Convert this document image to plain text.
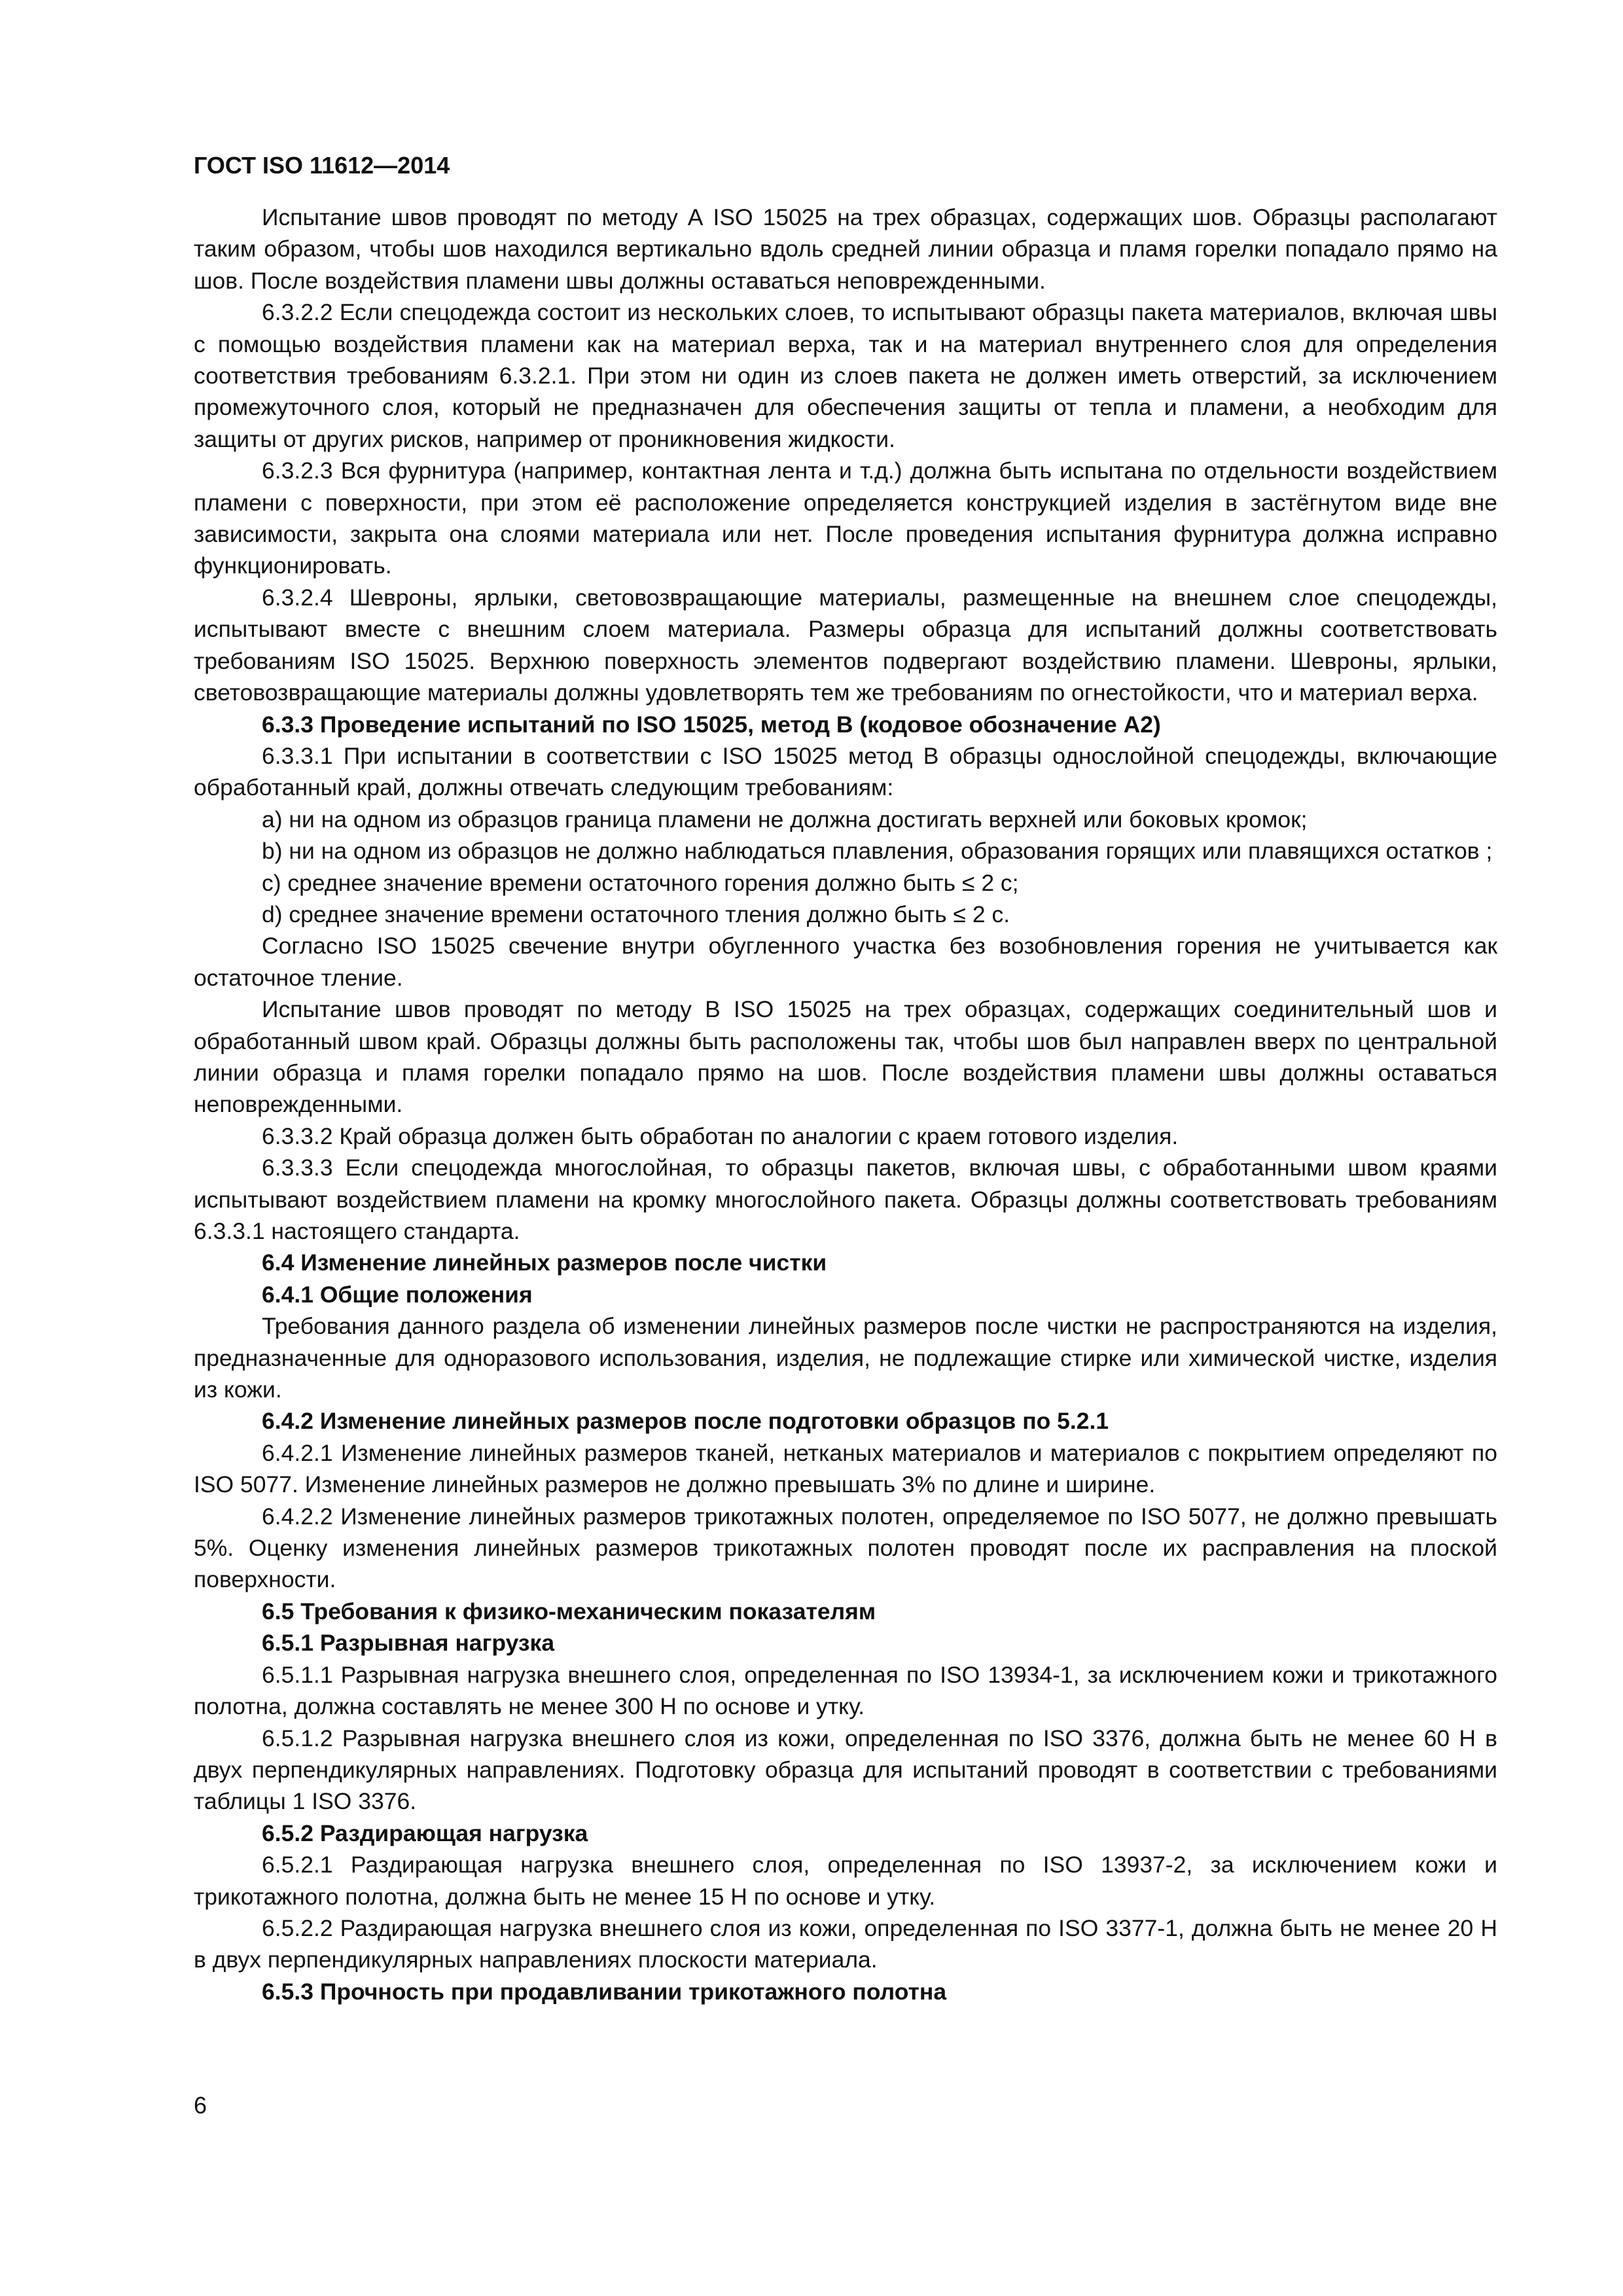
ГОСТ ISO 11612—2014

Испытание швов проводят по методу А ISO 15025 на трех образцах, содержащих шов. Образцы располагают таким образом, чтобы шов находился вертикально вдоль средней линии образца и пламя горелки попадало прямо на шов. После воздействия пламени швы должны оставаться неповрежденными.

6.3.2.2 Если спецодежда состоит из нескольких слоев, то испытывают образцы пакета материалов, включая швы с помощью воздействия пламени как на материал верха, так и на материал внутреннего слоя для определения соответствия требованиям 6.3.2.1. При этом ни один из слоев пакета не должен иметь отверстий, за исключением промежуточного слоя, который не предназначен для обеспечения защиты от тепла и пламени, а необходим для защиты от других рисков, например от проникновения жидкости.

6.3.2.3 Вся фурнитура (например, контактная лента и т.д.) должна быть испытана по отдельности воздействием пламени с поверхности, при этом её расположение определяется конструкцией изделия в застёгнутом виде вне зависимости, закрыта она слоями материала или нет. После проведения испытания фурнитура должна исправно функционировать.

6.3.2.4 Шевроны, ярлыки, световозвращающие материалы, размещенные на внешнем слое спецодежды, испытывают вместе с внешним слоем материала. Размеры образца для испытаний должны соответствовать требованиям ISO 15025. Верхнюю поверхность элементов подвергают воздействию пламени. Шевроны, ярлыки, световозвращающие материалы должны удовлетворять тем же требованиям по огнестойкости, что и материал верха.

6.3.3 Проведение испытаний по ISO 15025, метод В (кодовое обозначение А2)

6.3.3.1 При испытании в соответствии с ISO 15025 метод В образцы однослойной спецодежды, включающие обработанный край, должны отвечать следующим требованиям:

a) ни на одном из образцов граница пламени не должна достигать верхней или боковых кромок;

b) ни на одном из образцов не должно наблюдаться плавления, образования горящих или плавящихся остатков ;

c) среднее значение времени остаточного горения должно быть ≤ 2 с;

d) среднее значение времени остаточного тления должно быть ≤ 2 с.

Согласно ISO 15025 свечение внутри обугленного участка без возобновления горения не учитывается как остаточное тление.

Испытание швов проводят по методу В ISO 15025 на трех образцах, содержащих соединительный шов и обработанный швом край. Образцы должны быть расположены так, чтобы шов был направлен вверх по центральной линии образца и пламя горелки попадало прямо на шов. После воздействия пламени швы должны оставаться неповрежденными.

6.3.3.2 Край образца должен быть обработан по аналогии с краем готового изделия.

6.3.3.3 Если спецодежда многослойная, то образцы пакетов, включая швы, с обработанными швом краями испытывают воздействием пламени на кромку многослойного пакета. Образцы должны соответствовать требованиям 6.3.3.1 настоящего стандарта.

6.4 Изменение линейных размеров после чистки

6.4.1 Общие положения

Требования данного раздела об изменении линейных размеров после чистки не распространяются на изделия, предназначенные для одноразового использования, изделия, не подлежащие стирке или химической чистке, изделия из кожи.

6.4.2 Изменение линейных размеров после подготовки образцов по 5.2.1

6.4.2.1 Изменение линейных размеров тканей, нетканых материалов и материалов с покрытием определяют по ISO 5077. Изменение линейных размеров не должно превышать 3% по длине и ширине.

6.4.2.2 Изменение линейных размеров трикотажных полотен, определяемое по ISO 5077, не должно превышать 5%. Оценку изменения линейных размеров трикотажных полотен проводят после их расправления на плоской поверхности.

6.5 Требования к физико-механическим показателям

6.5.1 Разрывная нагрузка

6.5.1.1 Разрывная нагрузка внешнего слоя, определенная по ISO 13934-1, за исключением кожи и трикотажного полотна, должна составлять не менее 300 Н по основе и утку.

6.5.1.2 Разрывная нагрузка внешнего слоя из кожи, определенная по ISO 3376, должна быть не менее 60 Н в двух перпендикулярных направлениях. Подготовку образца для испытаний проводят в соответствии с требованиями таблицы 1 ISO 3376.

6.5.2 Раздирающая нагрузка

6.5.2.1 Раздирающая нагрузка внешнего слоя, определенная по ISO 13937-2, за исключением кожи и трикотажного полотна, должна быть не менее 15 Н по основе и утку.

6.5.2.2 Раздирающая нагрузка внешнего слоя из кожи, определенная по ISO 3377-1, должна быть не менее 20 Н в двух перпендикулярных направлениях плоскости материала.

6.5.3 Прочность при продавливании трикотажного полотна

6
